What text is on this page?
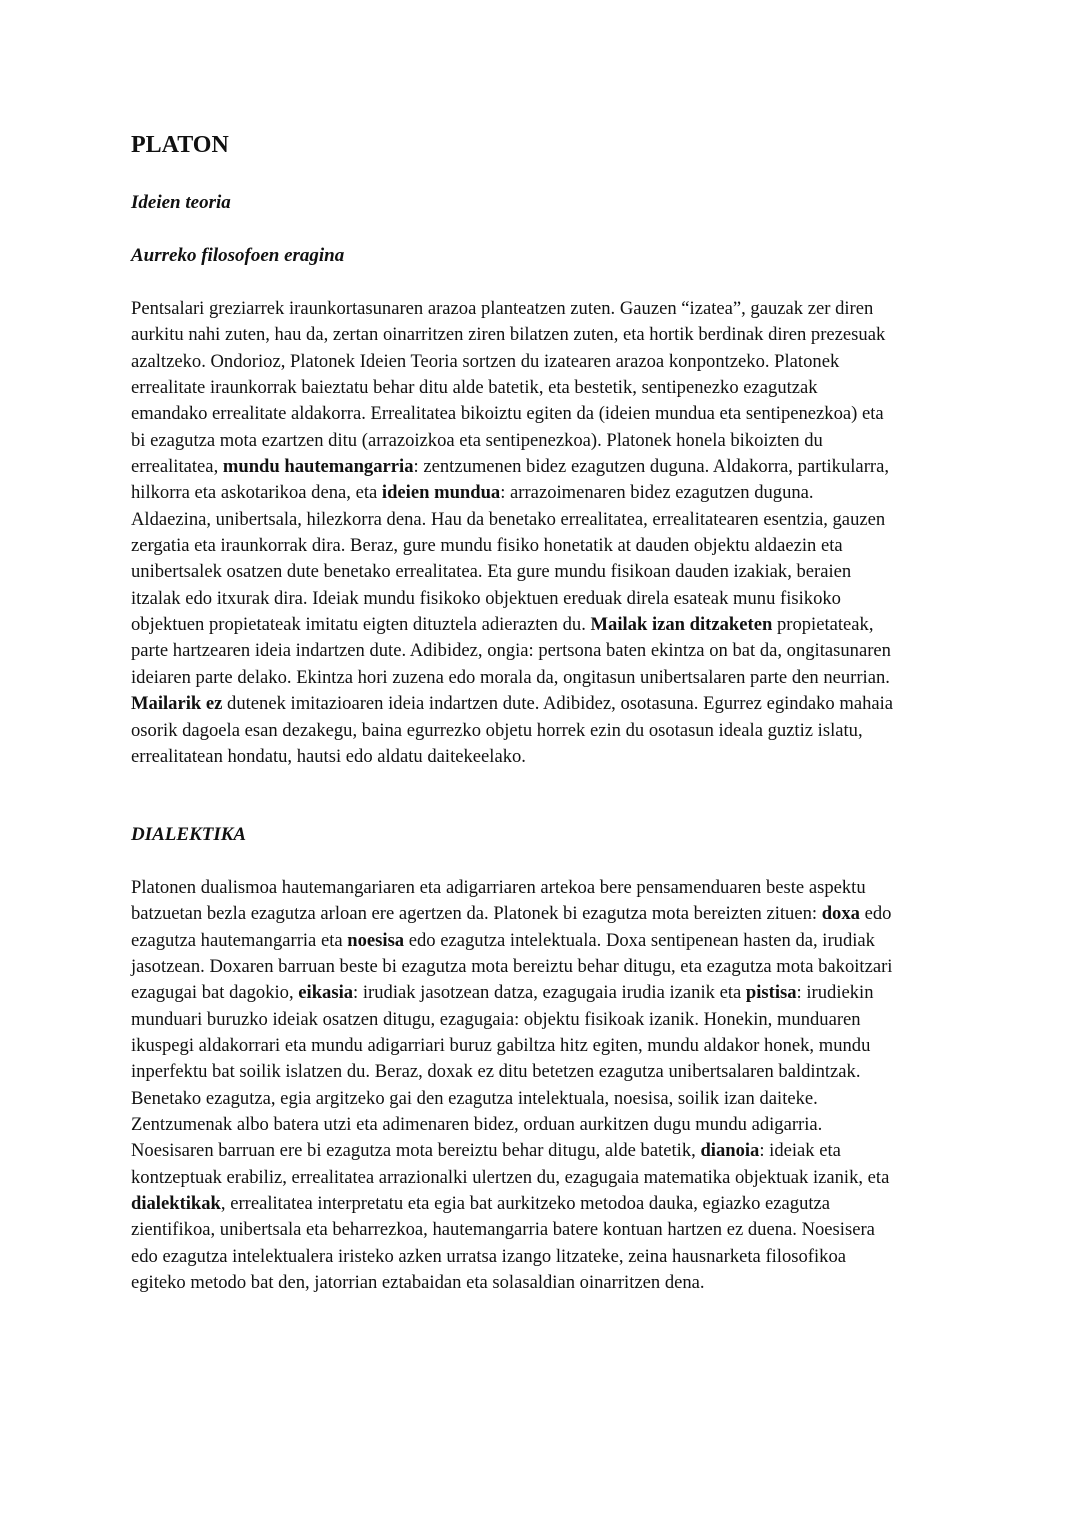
PLATON
Ideien teoria
Aurreko filosofoen eragina
Pentsalari greziarrek iraunkortasunaren arazoa planteatzen zuten. Gauzen “izatea”, gauzak zer diren
aurkitu nahi zuten, hau da, zertan oinarritzen ziren bilatzen zuten, eta hortik berdinak diren prezesuak
azaltzeko. Ondorioz, Platonek Ideien Teoria sortzen du izatearen arazoa konpontzeko. Platonek
errealitate iraunkorrak baieztatu behar ditu alde batetik, eta bestetik, sentipenezko ezagutzak
emandako errealitate aldakorra. Errealitatea bikoiztu egiten da (ideien mundua eta sentipenezkoa) eta
bi ezagutza mota ezartzen ditu (arrazoizkoa eta sentipenezkoa). Platonek honela bikoizten du
errealitatea, mundu hautemangarria: zentzumenen bidez ezagutzen duguna. Aldakorra, partikularra,
hilkorra eta askotarikoa dena, eta ideien mundua: arrazoimenaren bidez ezagutzen duguna.
Aldaezina, unibertsala, hilezkorra dena. Hau da benetako errealitatea, errealitatearen esentzia, gauzen
zergatia eta iraunkorrak dira. Beraz, gure mundu fisiko honetatik at dauden objektu aldaezin eta
unibertsalek osatzen dute benetako errealitatea. Eta gure mundu fisikoan dauden izakiak, beraien
itzalak edo itxurak dira. Ideiak mundu fisikoko objektuen ereduak direla esateak munu fisikoko
objektuen propietateak imitatu eigten dituztela adierazten du. Mailak izan ditzaketen propietateak,
parte hartzearen ideia indartzen dute. Adibidez, ongia: pertsona baten ekintza on bat da, ongitasunaren
ideiaren parte delako. Ekintza hori zuzena edo morala da, ongitasun unibertsalaren parte den neurrian.
Mailarik ez dutenek imitazioaren ideia indartzen dute. Adibidez, osotasuna. Egurrez egindako mahaia
osorik dagoela esan dezakegu, baina egurrezko objetu horrek ezin du osotasun ideala guztiz islatu,
errealitatean hondatu, hautsi edo aldatu daitekeelako.
DIALEKTIKA
Platonen dualismoa hautemangariaren eta adigarriaren artekoa bere pensamenduaren beste aspektu
batzuetan bezla ezagutza arloan ere agertzen da. Platonek bi ezagutza mota bereizten zituen: doxa edo
ezagutza hautemangarria eta noesisa edo ezagutza intelektuala. Doxa sentipenean hasten da, irudiak
jasotzean. Doxaren barruan beste bi ezagutza mota bereiztu behar ditugu, eta ezagutza mota bakoitzari
ezagugai bat dagokio, eikasia: irudiak jasotzean datza, ezagugaia irudia izanik eta pistisa: irudiekin
munduari buruzko ideiak osatzen ditugu, ezagugaia: objektu fisikoak izanik. Honekin, munduaren
ikuspegi aldakorrari eta mundu adigarriari buruz gabiltza hitz egiten, mundu aldakor honek, mundu
inperfektu bat soilik islatzen du. Beraz, doxak ez ditu betetzen ezagutza unibertsalaren baldintzak.
Benetako ezagutza, egia argitzeko gai den ezagutza intelektuala, noesisa, soilik izan daiteke.
Zentzumenak albo batera utzi eta adimenaren bidez, orduan aurkitzen dugu mundu adigarria.
Noesisaren barruan ere bi ezagutza mota bereiztu behar ditugu, alde batetik, dianoia: ideiak eta
kontzeptuak erabiliz, errealitatea arrazionalki ulertzen du, ezagugaia matematika objektuak izanik, eta
dialektikak, errealitatea interpretatu eta egia bat aurkitzeko metodoa dauka, egiazko ezagutza
zientifikoa, unibertsala eta beharrezkoa, hautemangarria batere kontuan hartzen ez duena. Noesisera
edo ezagutza intelektualera iristeko azken urratsa izango litzateke, zeina hausnarketa filosofikoa
egiteko metodo bat den, jatorrian eztabaidan eta solasaldian oinarritzen dena.
